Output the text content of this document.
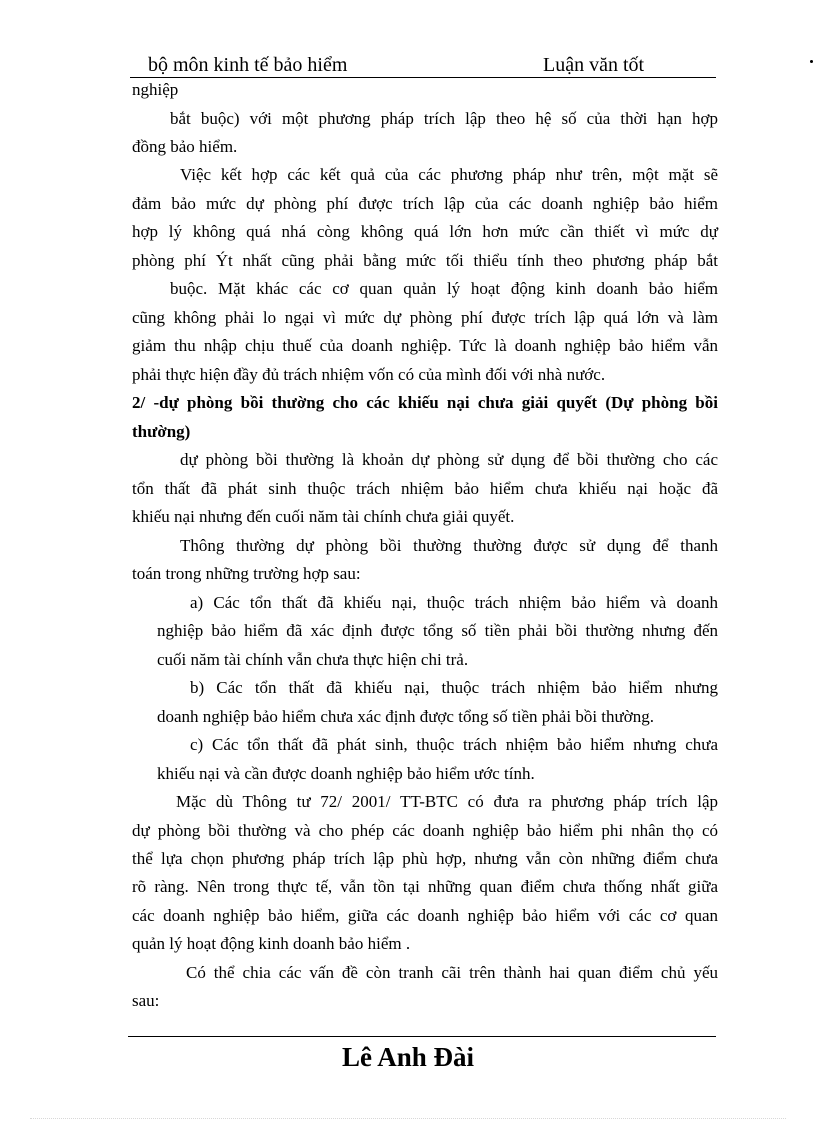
bộ môn kinh tế bảo hiểm	Luận văn tốt
nghiệp
bắt buộc) với một phương pháp trích lập theo hệ số của thời hạn hợp
đồng bảo hiểm.
Việc kết hợp các kết quả của các phương pháp như trên, một mặt sẽ
đảm bảo mức dự phòng phí được trích lập của các doanh nghiệp bảo hiểm
hợp lý không quá nhá còng không quá lớn hơn mức cần thiết vì mức dự
phòng phí Ýt nhất cũng phải bằng mức tối thiểu tính theo phương pháp bắt
buộc. Mặt khác các cơ quan quản lý hoạt động kinh doanh bảo hiểm
cũng không phải lo ngại vì mức dự phòng phí được trích lập quá lớn và làm
giảm thu nhập chịu thuế của doanh nghiệp. Tức là doanh nghiệp bảo hiểm vẫn
phải thực hiện đầy đủ trách nhiệm vốn có của mình đối với nhà nước.
2/ -dự phòng bồi thường cho các khiếu nại chưa giải quyết (Dự phòng bồi
thường)
dự phòng bồi thường là khoản dự phòng sử dụng để bồi thường cho các
tổn thất đã phát sinh thuộc trách nhiệm bảo hiểm chưa khiếu nại hoặc đã
khiếu nại nhưng đến cuối năm tài chính chưa giải quyết.
Thông thường dự phòng bồi thường thường được sử dụng để thanh
toán trong những trường hợp sau:
a) Các tổn thất đã khiếu nại, thuộc trách nhiệm bảo hiểm và doanh
nghiệp bảo hiểm đã xác định được tổng số tiền phải bồi thường nhưng đến
cuối năm tài chính vẫn chưa thực hiện chi trả.
b) Các tổn thất đã khiếu nại, thuộc trách nhiệm bảo hiểm nhưng
doanh nghiệp bảo hiểm chưa xác định được tổng số tiền phải bồi thường.
c) Các tổn thất đã phát sinh, thuộc trách nhiệm bảo hiểm nhưng chưa
khiếu nại và cần được doanh nghiệp bảo hiểm ước tính.
Mặc dù Thông tư 72/ 2001/ TT-BTC có đưa ra phương pháp trích lập
dự phòng bồi thường và cho phép các doanh nghiệp bảo hiểm phi nhân thọ có
thể lựa chọn phương pháp trích lập phù hợp, nhưng vẫn còn những điểm chưa
rõ ràng. Nên trong thực tế, vẫn tồn tại những quan điểm chưa thống nhất giữa
các doanh nghiệp bảo hiểm, giữa các doanh nghiệp bảo hiểm với các cơ quan
quản lý hoạt động kinh doanh bảo hiểm .
Có thể chia các vấn đề còn tranh cãi trên thành hai quan điểm chủ yếu
sau:
Lê Anh Đài
